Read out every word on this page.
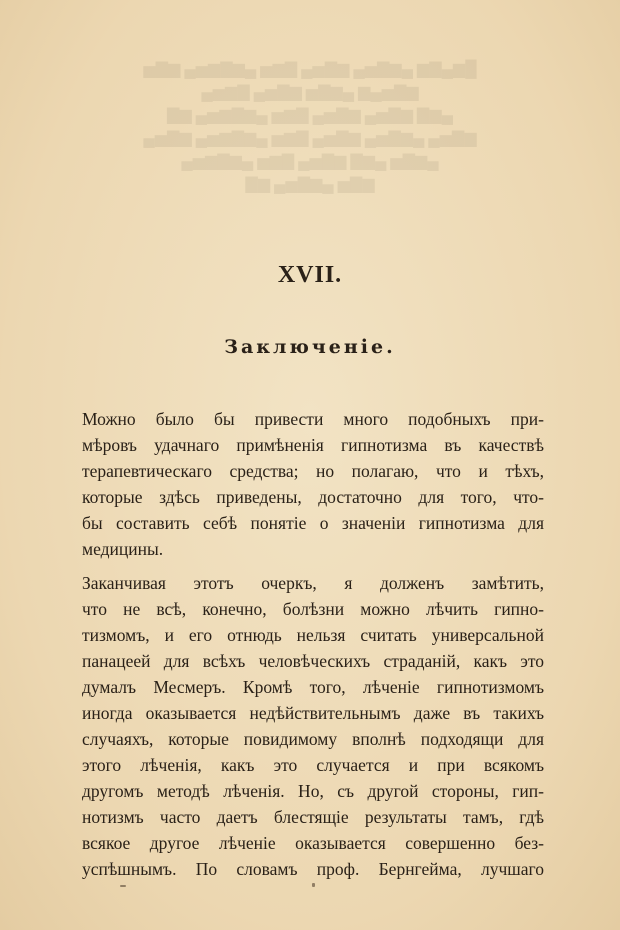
█▆▄▇▆ ▄▆▇▅▄ ▆▇▅▄ ▇▆▅ ▄▆▇▆▅▄ ▆▇▅
▆▇▅▄▆ ▄▆▇▅ ▆▇▅▄ ▇▆▅▄
▄▆▇ ▆▇▅▄ ▆▇▅▄ ▇▆▅ ▄▆▇▆▅▄ ▆▇
▆▇▅▄ ▄▆▇▅▄ ▆▇▅▄ ▇▆▅ ▄▆▇▆▅▄ ▆▇▅▄
▄▆▇▅ ▄▆▇ ▆▇▅▄ ▇▆▅ ▄▆▇▆▅▄
▆▇▅ ▄▆▇▅▄ ▆▇
XVII.
Заключенiе.
Можно было бы привести много подобныхъ при-
мѣровъ удачнаго примѣненія гипнотизма въ качествѣ
терапевтическаго средства; но полагаю, что и тѣхъ,
которые здѣсь приведены, достаточно для того, что-
бы составить себѣ понятіе о значеніи гипнотизма для
медицины.
Заканчивая этотъ очеркъ, я долженъ замѣтить,
что не всѣ, конечно, болѣзни можно лѣчить гипно-
тизмомъ, и его отнюдь нельзя считать универсальной
панацеей для всѣхъ человѣческихъ страданій, какъ это
думалъ Месмеръ. Кромѣ того, лѣченіе гипнотизмомъ
иногда оказывается недѣйствительнымъ даже въ такихъ
случаяхъ, которые повидимому вполнѣ подходящи для
этого лѣченія, какъ это случается и при всякомъ
другомъ методѣ лѣченія. Но, съ другой стороны, гип-
нотизмъ часто даетъ блестящіе результаты тамъ, гдѣ
всякое другое лѣченіе оказывается совершенно без-
успѣшнымъ. По словамъ проф. Бернгейма, лучшаго
